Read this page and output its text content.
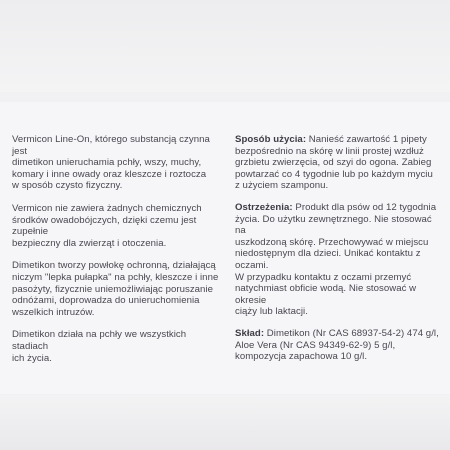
Vermicon Line-On, którego substancją czynna jest
dimetikon unieruchamia pchły, wszy, muchy,
komary i inne owady oraz kleszcze i roztocza
w sposób czysto fizyczny.

Vermicon nie zawiera żadnych chemicznych
środków owadobójczych, dzięki czemu jest zupełnie
bezpieczny dla zwierząt i otoczenia.

Dimetikon tworzy powłokę ochronną, działającą
niczym "lepka pułapka" na pchły, kleszcze i inne
pasożyty, fizycznie uniemożliwiając poruszanie
odnóżami, doprowadza do unieruchomienia
wszelkich intruzów.

Dimetikon działa na pchły we wszystkich stadiach
ich życia.

Sposób użycia: Nanieść zawartość 1 pipety
bezpośrednio na skórę w linii prostej wzdłuż
grzbietu zwierzęcia, od szyi do ogona. Zabieg
powtarzać co 4 tygodnie lub po każdym myciu
z użyciem szamponu.

Ostrzeżenia: Produkt dla psów od 12 tygodnia
życia. Do użytku zewnętrznego. Nie stosować na
uszkodzoną skórę. Przechowywać w miejscu
niedostępnym dla dzieci. Unikać kontaktu z oczami.
W przypadku kontaktu z oczami przemyć
natychmiast obficie wodą. Nie stosować w okresie
ciąży lub laktacji.

Skład: Dimetikon (Nr CAS 68937-54-2) 474 g/l,
Aloe Vera (Nr CAS 94349-62-9) 5 g/l,
kompozycja zapachowa 10 g/l.
